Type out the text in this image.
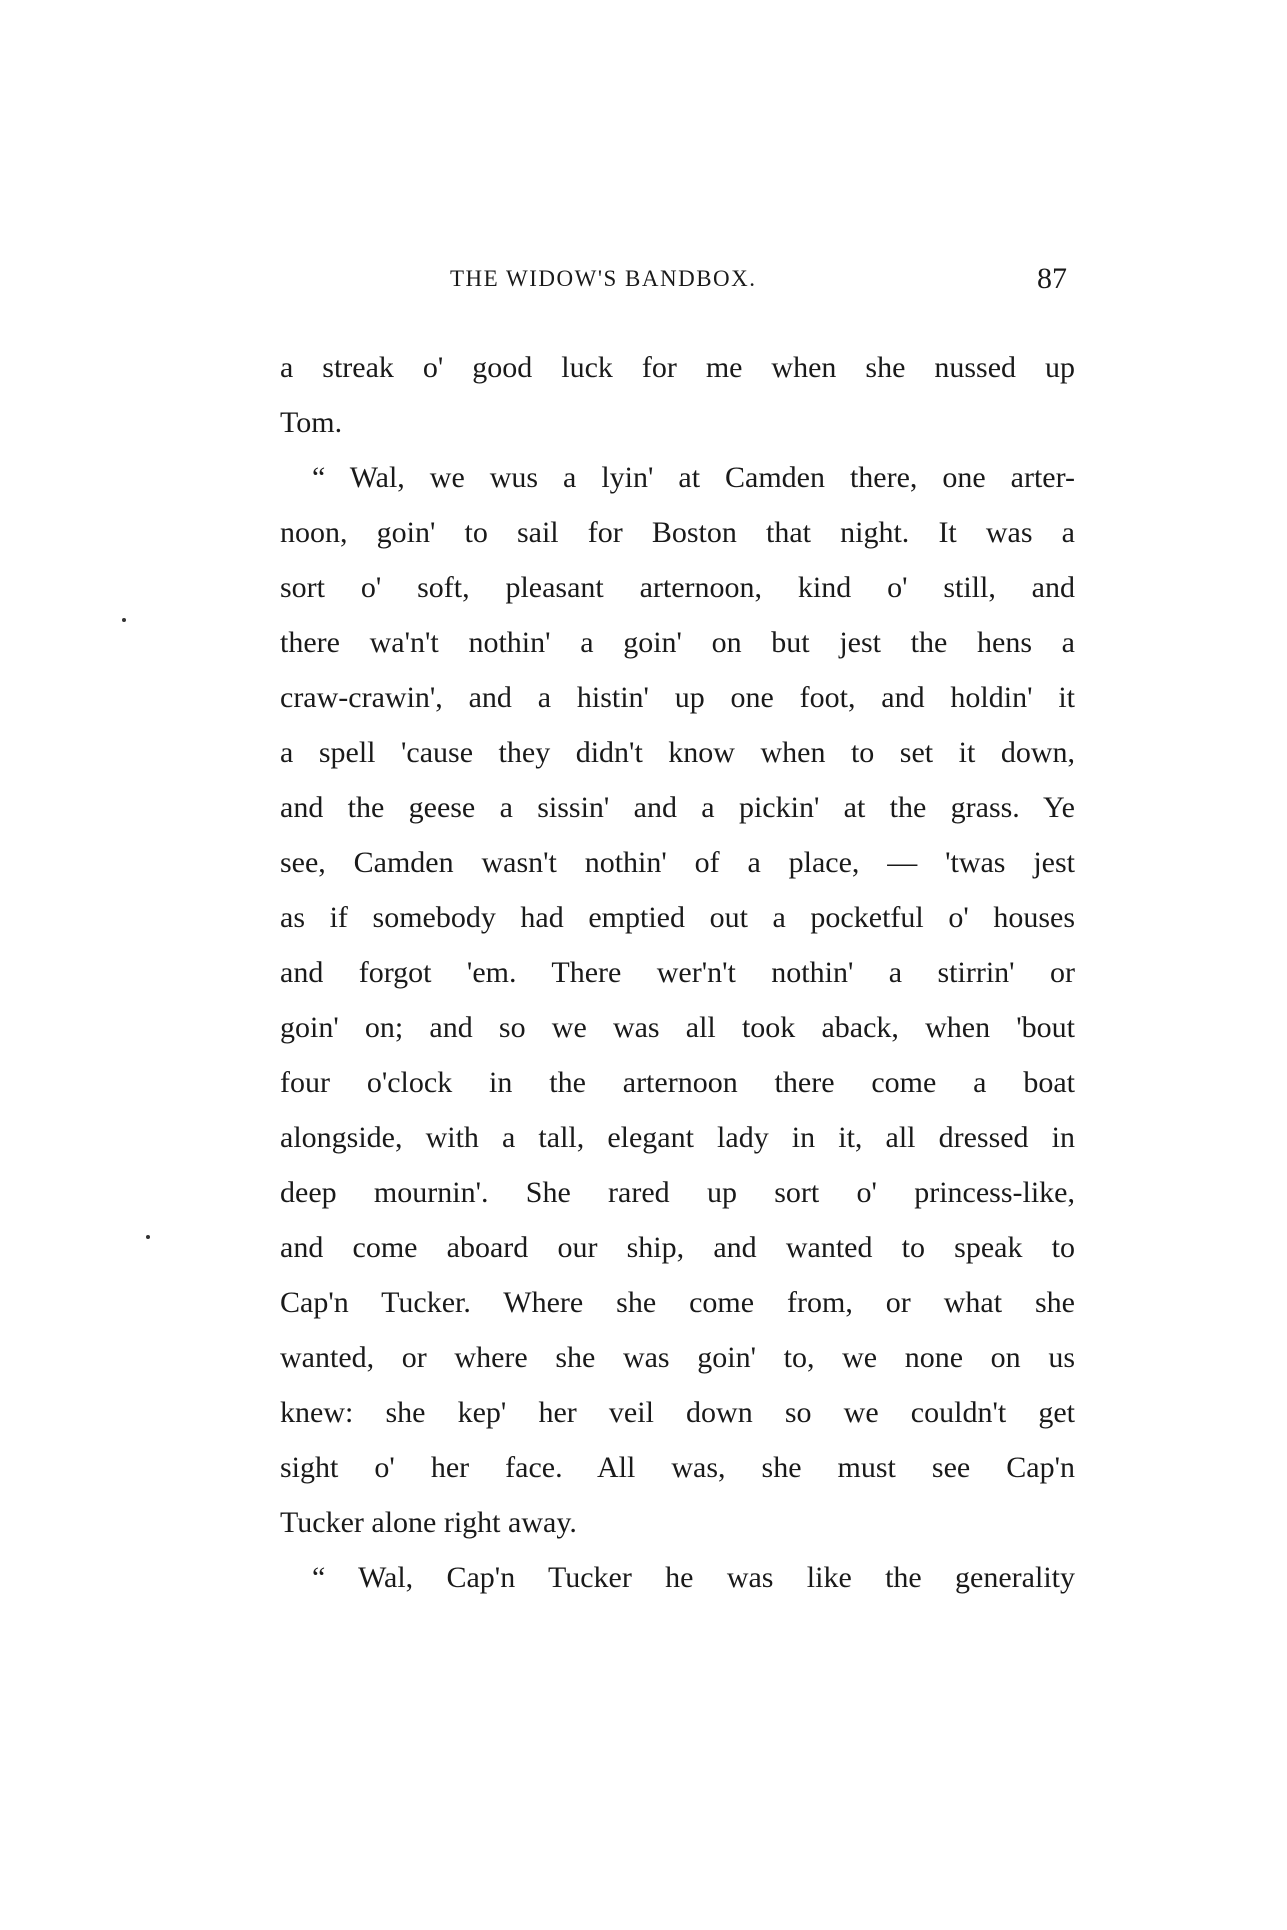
THE WIDOW'S BANDBOX.	87
a streak o' good luck for me when she nussed up
Tom.
“ Wal, we wus a lyin' at Camden there, one arter-
noon, goin' to sail for Boston that night. It was a
sort o' soft, pleasant arternoon, kind o' still, and
there wa'n't nothin' a goin' on but jest the hens a
craw-crawin', and a histin' up one foot, and holdin' it
a spell 'cause they didn't know when to set it down,
and the geese a sissin' and a pickin' at the grass. Ye
see, Camden wasn't nothin' of a place, — 'twas jest
as if somebody had emptied out a pocketful o' houses
and forgot 'em. There wer'n't nothin' a stirrin' or
goin' on; and so we was all took aback, when 'bout
four o'clock in the arternoon there come a boat
alongside, with a tall, elegant lady in it, all dressed in
deep mournin'. She rared up sort o' princess-like,
and come aboard our ship, and wanted to speak to
Cap'n Tucker. Where she come from, or what she
wanted, or where she was goin' to, we none on us
knew: she kep' her veil down so we couldn't get
sight o' her face. All was, she must see Cap'n
Tucker alone right away.
“ Wal, Cap'n Tucker he was like the generality
